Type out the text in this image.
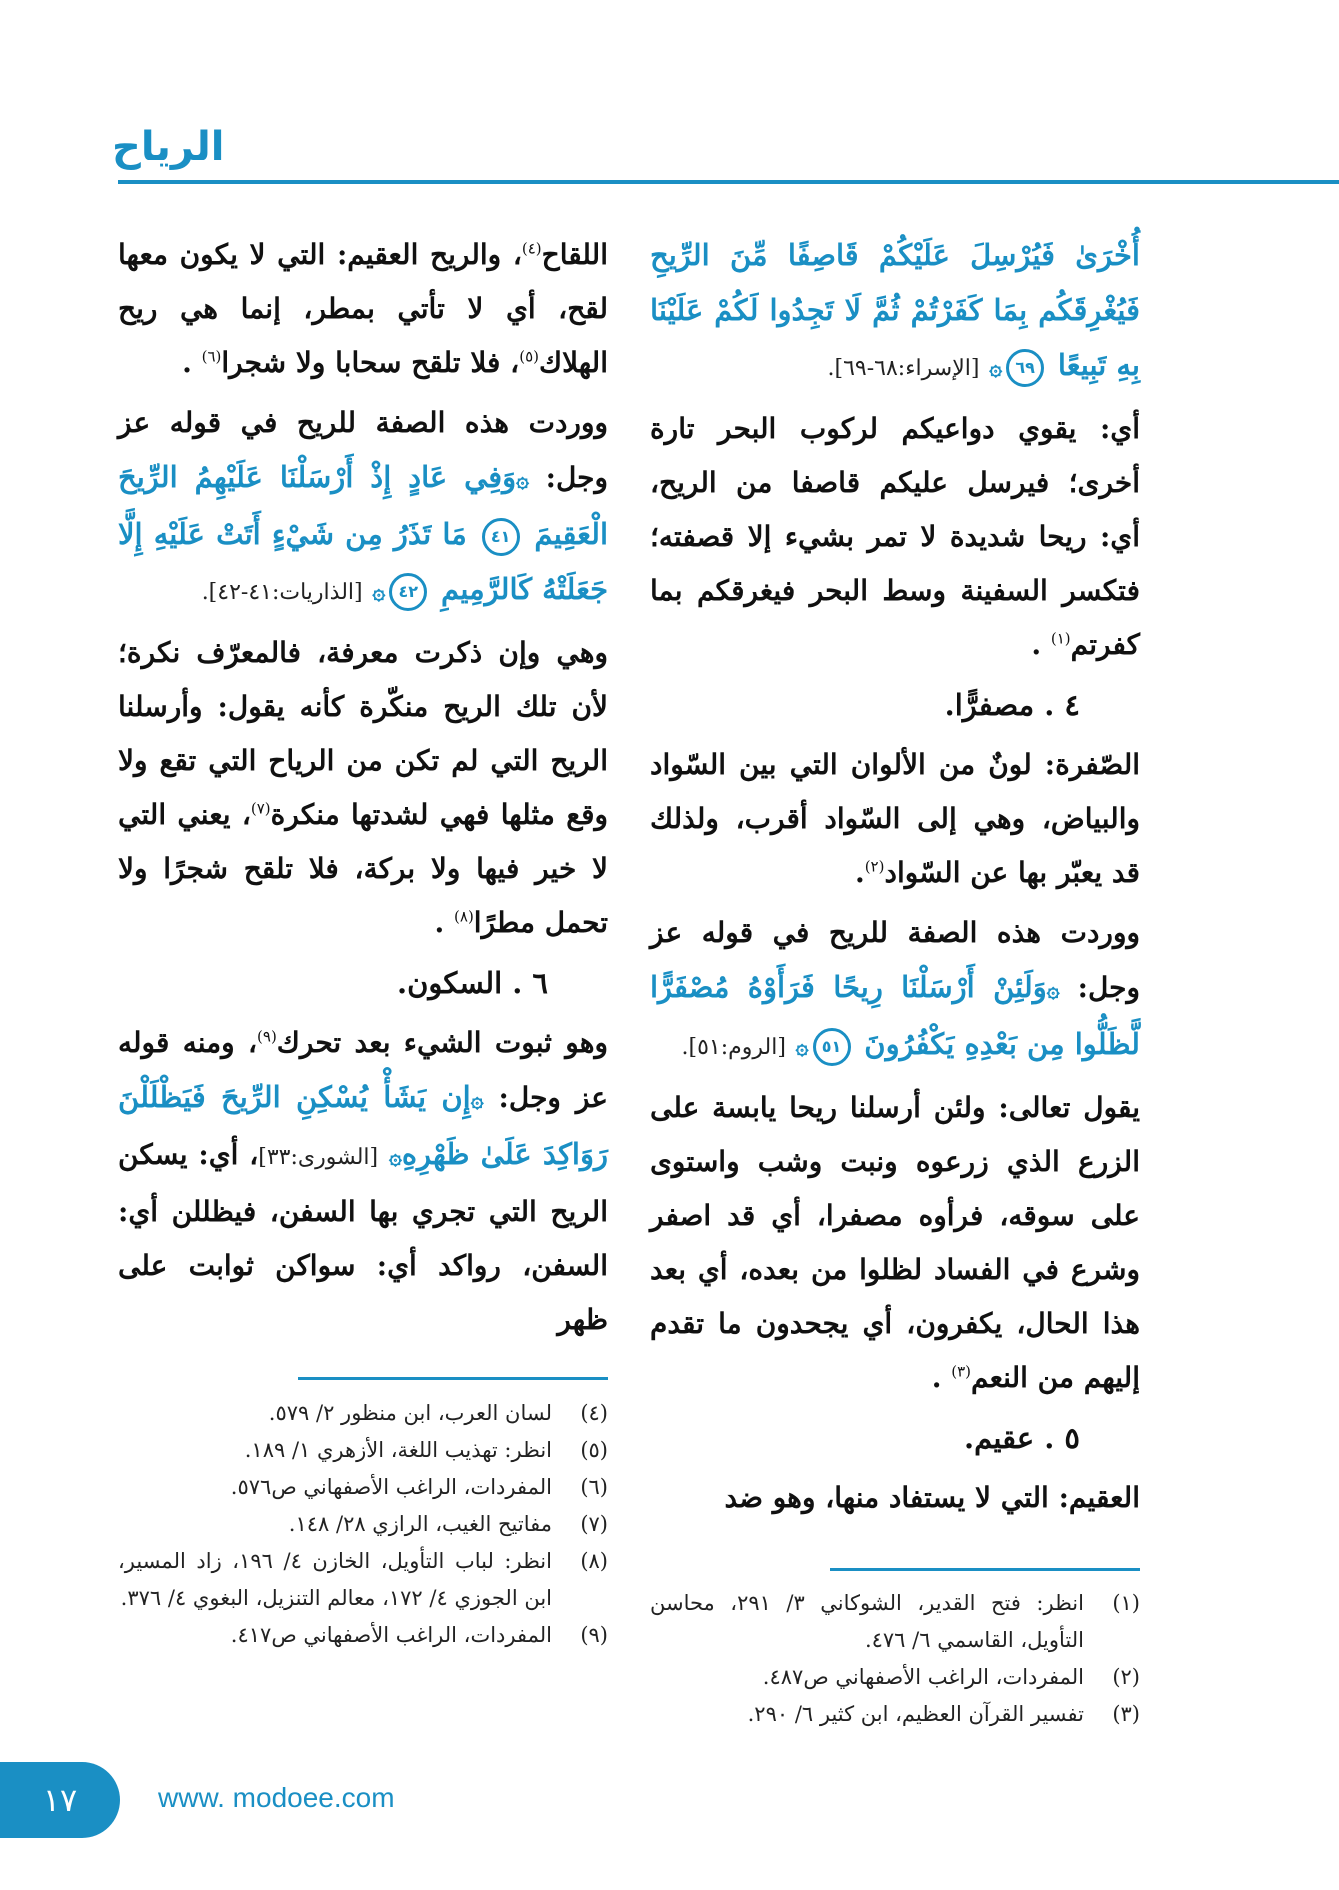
الرياح

أُخْرَىٰ فَيُرْسِلَ عَلَيْكُمْ قَاصِفًا مِّنَ الرِّيحِ فَيُغْرِقَكُم بِمَا كَفَرْتُمْ ثُمَّ لَا تَجِدُوا لَكُمْ عَلَيْنَا بِهِ تَبِيعًا ٦٩۞ [الإسراء:٦٨-٦٩].

أي: يقوي دواعيكم لركوب البحر تارة أخرى؛ فيرسل عليكم قاصفا من الريح، أي: ريحا شديدة لا تمر بشيء إلا قصفته؛ فتكسر السفينة وسط البحر فيغرقكم بما كفرتم$^{(١)}$ .

٤ . مصفرًّا.

الصّفرة: لونٌ من الألوان التي بين السّواد والبياض، وهي إلى السّواد أقرب، ولذلك قد يعبّر بها عن السّواد$^{(٢)}$.

ووردت هذه الصفة للريح في قوله عز وجل: ۞وَلَئِنْ أَرْسَلْنَا رِيحًا فَرَأَوْهُ مُصْفَرًّا لَّظَلُّوا مِن بَعْدِهِ يَكْفُرُونَ ٥١۞ [الروم:٥١].

يقول تعالى: ولئن أرسلنا ريحا يابسة على الزرع الذي زرعوه ونبت وشب واستوى على سوقه، فرأوه مصفرا، أي قد اصفر وشرع في الفساد لظلوا من بعده، أي بعد هذا الحال، يكفرون، أي يجحدون ما تقدم إليهم من النعم$^{(٣)}$ .

٥ . عقيم.

العقيم: التي لا يستفاد منها، وهو ضد

اللقاح$^{(٤)}$، والريح العقيم: التي لا يكون معها لقح، أي لا تأتي بمطر، إنما هي ريح الهلاك$^{(٥)}$، فلا تلقح سحابا ولا شجرا$^{(٦)}$ .

ووردت هذه الصفة للريح في قوله عز وجل: ۞وَفِي عَادٍ إِذْ أَرْسَلْنَا عَلَيْهِمُ الرِّيحَ الْعَقِيمَ ٤١ مَا تَذَرُ مِن شَيْءٍ أَتَتْ عَلَيْهِ إِلَّا جَعَلَتْهُ كَالرَّمِيمِ ٤٢۞ [الذاريات:٤١-٤٢].

وهي وإن ذكرت معرفة، فالمعرّف نكرة؛ لأن تلك الريح منكّرة كأنه يقول: وأرسلنا الريح التي لم تكن من الرياح التي تقع ولا وقع مثلها فهي لشدتها منكرة$^{(٧)}$، يعني التي لا خير فيها ولا بركة، فلا تلقح شجرًا ولا تحمل مطرًا$^{(٨)}$ .

٦ . السكون.

وهو ثبوت الشيء بعد تحرك$^{(٩)}$، ومنه قوله عز وجل: ۞إِن يَشَأْ يُسْكِنِ الرِّيحَ فَيَظْلَلْنَ رَوَاكِدَ عَلَىٰ ظَهْرِهِ۞ [الشورى:٣٣]، أي: يسكن الريح التي تجري بها السفن، فيظللن أي: السفن، رواكد أي: سواكن ثوابت على ظهر

(٤)
لسان العرب، ابن منظور ٢/ ٥٧٩.
(٥)
انظر: تهذيب اللغة، الأزهري ١/ ١٨٩.
(٦)
المفردات، الراغب الأصفهاني ص٥٧٦.
(٧)
مفاتيح الغيب، الرازي ٢٨/ ١٤٨.
(٨)
انظر: لباب التأويل، الخازن ٤/ ١٩٦، زاد المسير، ابن الجوزي ٤/ ١٧٢، معالم التنزيل، البغوي ٤/ ٣٧٦.
(٩)
المفردات، الراغب الأصفهاني ص٤١٧.
(١)
انظر: فتح القدير، الشوكاني ٣/ ٢٩١، محاسن التأويل، القاسمي ٦/ ٤٧٦.
(٢)
المفردات، الراغب الأصفهاني ص٤٨٧.
(٣)
تفسير القرآن العظيم، ابن كثير ٦/ ٢٩٠.
١٧	www. modoee.com
